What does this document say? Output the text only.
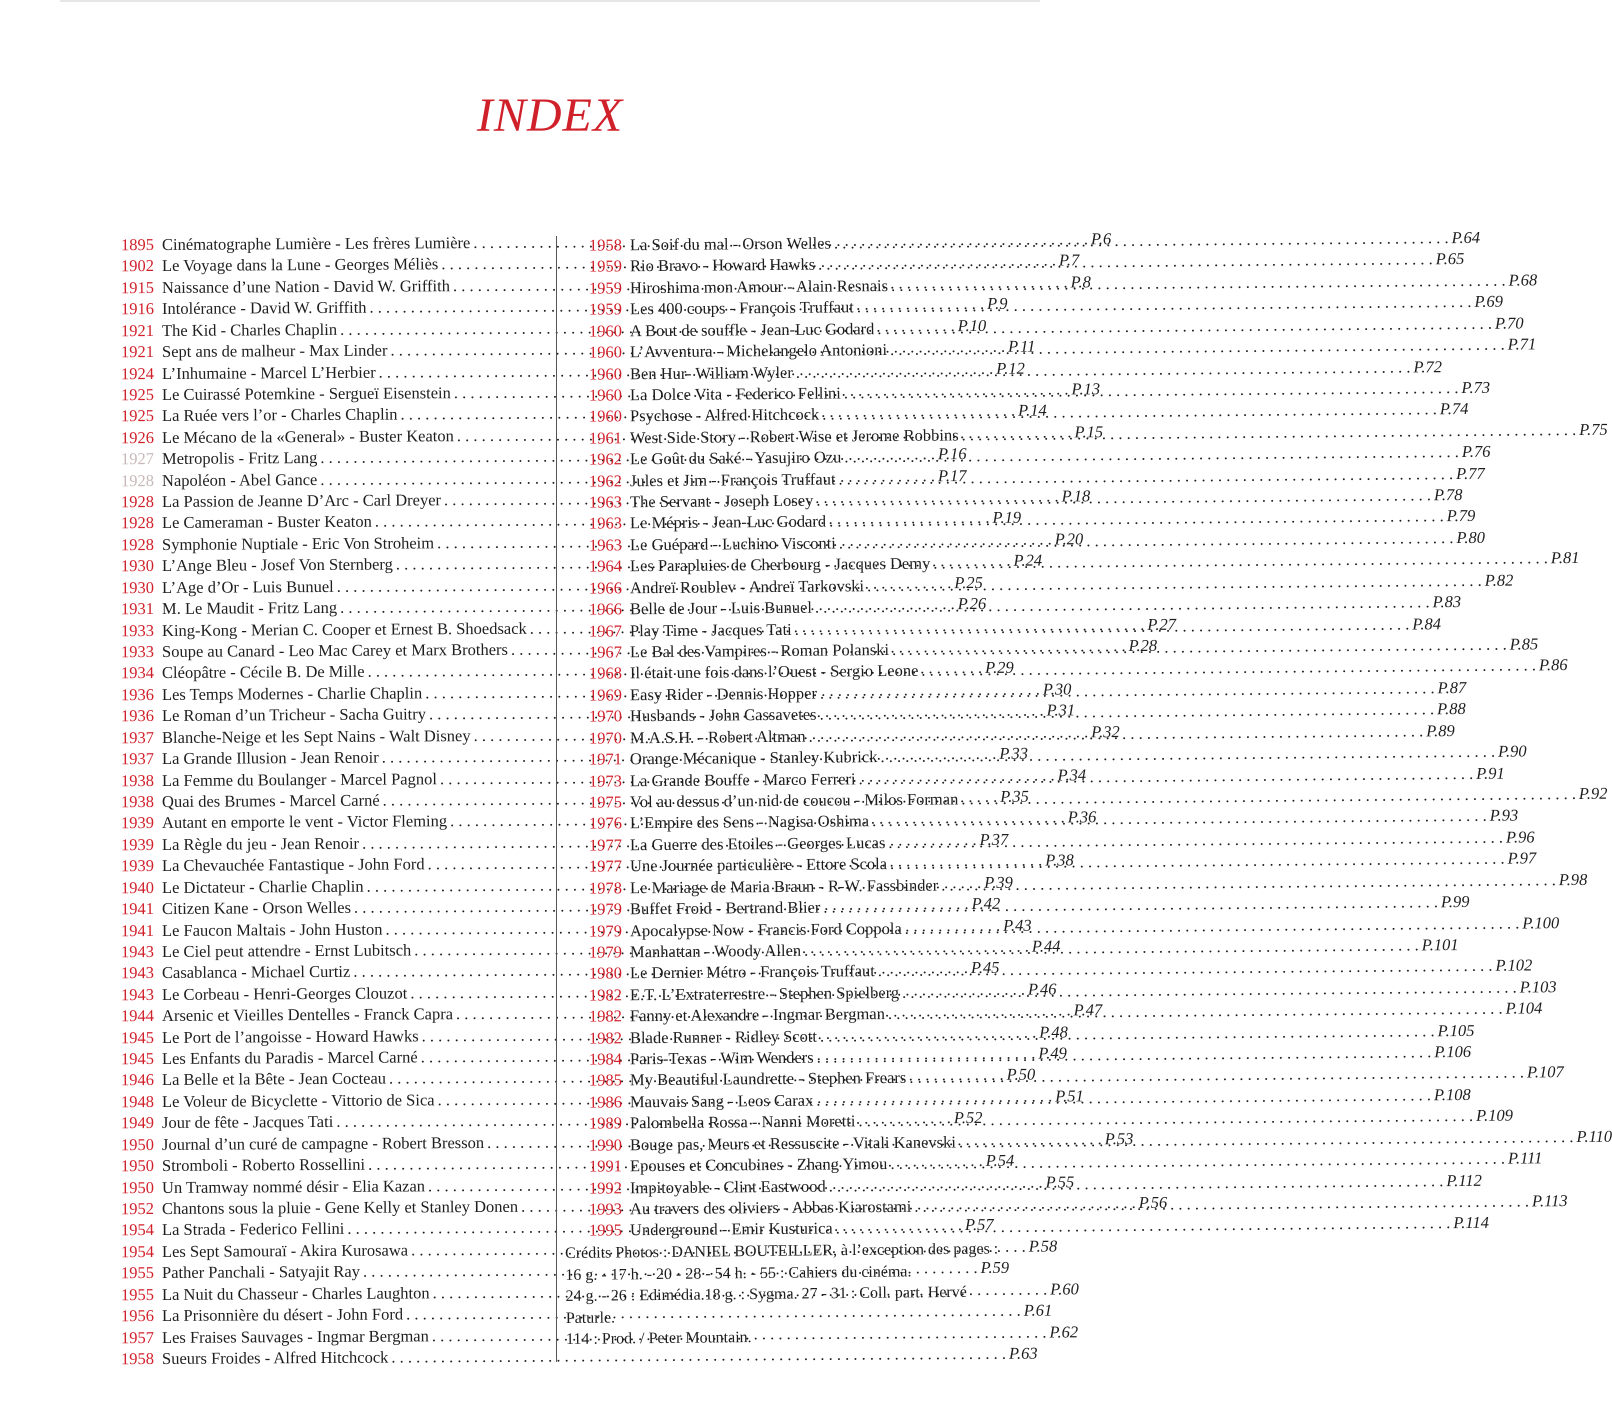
INDEX
1895 Cinématographe Lumière - Les frères Lumière . . .	P.6
1902 Le Voyage dans la Lune - Georges Méliès . . .	P.7
1915 Naissance d’une Nation - David W. Griffith . . .	P.8
1916 Intolérance - David W. Griffith . . .	P.9
1921 The Kid - Charles Chaplin . . .	P.10
1921 Sept ans de malheur - Max Linder . . .	P.11
1924 L’Inhumaine - Marcel L’Herbier . . .	P.12
1925 Le Cuirassé Potemkine - Sergueï Eisenstein . . .	P.13
1925 La Ruée vers l’or - Charles Chaplin . . .	P.14
1926 Le Mécano de la «General» - Buster Keaton . . .	P.15
1927 Metropolis - Fritz Lang . . .	P.16
1928 Napoléon - Abel Gance . . .	P.17
1928 La Passion de Jeanne D’Arc - Carl Dreyer . . .	P.18
1928 Le Cameraman - Buster Keaton . . .	P.19
1928 Symphonie Nuptiale - Eric Von Stroheim . . .	P.20
1930 L’Ange Bleu - Josef Von Sternberg . . .	P.24
1930 L’Age d’Or - Luis Bunuel . . .	P.25
1931 M. Le Maudit - Fritz Lang . . .	P.26
1933 King-Kong - Merian C. Cooper et Ernest B. Shoedsack . . .	P.27
1933 Soupe au Canard - Leo Mac Carey et Marx Brothers . . .	P.28
1934 Cléopâtre - Cécile B. De Mille . . .	P.29
1936 Les Temps Modernes - Charlie Chaplin . . .	P.30
1936 Le Roman d’un Tricheur - Sacha Guitry . . .	P.31
1937 Blanche-Neige et les Sept Nains - Walt Disney . . .	P.32
1937 La Grande Illusion - Jean Renoir . . .	P.33
1938 La Femme du Boulanger - Marcel Pagnol . . .	P.34
1938 Quai des Brumes - Marcel Carné . . .	P.35
1939 Autant en emporte le vent - Victor Fleming . . .	P.36
1939 La Règle du jeu - Jean Renoir . . .	P.37
1939 La Chevauchée Fantastique - John Ford . . .	P.38
1940 Le Dictateur - Charlie Chaplin . . .	P.39
1941 Citizen Kane - Orson Welles . . .	P.42
1941 Le Faucon Maltais - John Huston . . .	P.43
1943 Le Ciel peut attendre - Ernst Lubitsch . . .	P.44
1943 Casablanca - Michael Curtiz . . .	P.45
1943 Le Corbeau - Henri-Georges Clouzot . . .	P.46
1944 Arsenic et Vieilles Dentelles - Franck Capra . . .	P.47
1945 Le Port de l’angoisse - Howard Hawks . . .	P.48
1945 Les Enfants du Paradis - Marcel Carné . . .	P.49
1946 La Belle et la Bête - Jean Cocteau . . .	P.50
1948 Le Voleur de Bicyclette - Vittorio de Sica . . .	P.51
1949 Jour de fête - Jacques Tati . . .	P.52
1950 Journal d’un curé de campagne - Robert Bresson . . .	P.53
1950 Stromboli - Roberto Rossellini . . .	P.54
1950 Un Tramway nommé désir - Elia Kazan . . .	P.55
1952 Chantons sous la pluie - Gene Kelly et Stanley Donen . . .	P.56
1954 La Strada - Federico Fellini . . .	P.57
1954 Les Sept Samouraï - Akira Kurosawa . . .	P.58
1955 Pather Panchali - Satyajit Ray . . .	P.59
1955 La Nuit du Chasseur - Charles Laughton . . .	P.60
1956 La Prisonnière du désert - John Ford . . .	P.61
1957 Les Fraises Sauvages - Ingmar Bergman . . .	P.62
1958 Sueurs Froides - Alfred Hitchcock . . .	P.63
1958 La Soif du mal - Orson Welles . . .	P.64
1959 Rio Bravo - Howard Hawks . . .	P.65
1959 Hiroshima mon Amour - Alain Resnais . . .	P.68
1959 Les 400 coups - François Truffaut . . .	P.69
1960 A Bout de souffle - Jean-Luc Godard . . .	P.70
1960 L’Avventura - Michelangelo Antonioni . . .	P.71
1960 Ben Hur- William Wyler . . .	P.72
1960 La Dolce Vita - Federico Fellini . . .	P.73
1960 Psychose - Alfred Hitchcock . . .	P.74
1961 West Side Story - Robert Wise et Jerome Robbins . . .	P.75
1962 Le Goût du Saké - Yasujiro Ozu . . .	P.76
1962 Jules et Jim - François Truffaut . . .	P.77
1963 The Servant - Joseph Losey . . .	P.78
1963 Le Mépris - Jean-Luc Godard . . .	P.79
1963 Le Guépard - Luchino Visconti . . .	P.80
1964 Les Parapluies de Cherbourg - Jacques Demy . . .	P.81
1966 Andreï Roublev - Andreï Tarkovski . . .	P.82
1966 Belle de Jour - Luis Bunuel . . .	P.83
1967 Play Time - Jacques Tati . . .	P.84
1967 Le Bal des Vampires - Roman Polanski . . .	P.85
1968 Il était une fois dans l’Ouest - Sergio Leone . . .	P.86
1969 Easy Rider - Dennis Hopper . . .	P.87
1970 Husbands - John Cassavetes . . .	P.88
1970 M.A.S.H. - Robert Altman . . .	P.89
1971 Orange Mécanique - Stanley Kubrick . . .	P.90
1973 La Grande Bouffe - Marco Ferreri . . .	P.91
1975 Vol au dessus d’un nid de coucou - Milos Forman . . .	P.92
1976 L’Empire des Sens - Nagisa Oshima . . .	P.93
1977 La Guerre des Etoiles - Georges Lucas . . .	P.96
1977 Une Journée particulière - Ettore Scola . . .	P.97
1978 Le Mariage de Maria Braun - R-W. Fassbinder . . .	P.98
1979 Buffet Froid - Bertrand Blier . . .	P.99
1979 Apocalypse Now - Francis Ford Coppola . . .	P.100
1979 Manhattan - Woody Allen . . .	P.101
1980 Le Dernier Métro - François Truffaut . . .	P.102
1982 E.T. L’Extraterrestre - Stephen Spielberg . . .	P.103
1982 Fanny et Alexandre - Ingmar Bergman . . .	P.104
1982 Blade Runner - Ridley Scott . . .	P.105
1984 Paris-Texas - Wim Wenders . . .	P.106
1985 My Beautiful Laundrette - Stephen Frears . . .	P.107
1986 Mauvais Sang - Leos Carax . . .	P.108
1989 Palombella Rossa - Nanni Moretti . . .	P.109
1990 Bouge pas, Meurs et Ressuscite - Vitali Kanevski . . .	P.110
1991 Epouses et Concubines - Zhang Yimou . . .	P.111
1992 Impitoyable - Clint Eastwood . . .	P.112
1993 Au travers des oliviers - Abbas Kiarostami . . .	P.113
1995 Underground - Emir Kusturica . . .	P.114
Crédits Photos : DANIEL BOUTEILLER, à l’exception des pages :
16 g. - 17 h. - 20 - 28 - 54 h. - 55 : Cahiers du cinéma.
24 g. - 26 : Edimédia.18 g. : Sygma. 27 - 31 : Coll. part. Hervé Paturle.
114 : Prod. / Peter Mountain.
